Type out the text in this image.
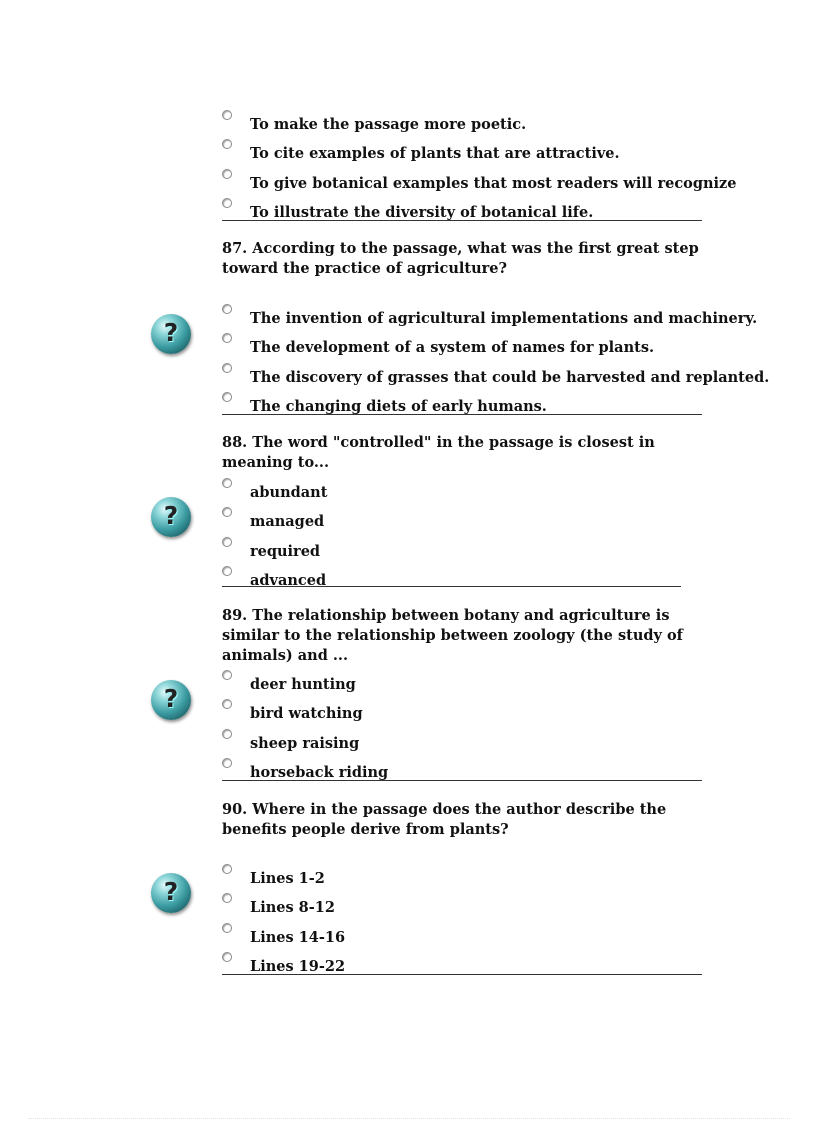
To make the passage more poetic.
To cite examples of plants that are attractive.
To give botanical examples that most readers will recognize
To illustrate the diversity of botanical life.

87. According to the passage, what was the first great step toward the practice of agriculture?

?	The invention of agricultural implementations and machinery.
The development of a system of names for plants.
The discovery of grasses that could be harvested and replanted.
The changing diets of early humans.

88. The word "controlled" in the passage is closest in meaning to...

?
abundant
managed
required
advanced

89. The relationship between botany and agriculture is similar to the relationship between zoology (the study of animals) and ...

?	deer hunting
bird watching
sheep raising
horseback riding

90. Where in the passage does the author describe the benefits people derive from plants?

?	Lines 1-2
Lines 8-12
Lines 14-16
Lines 19-22
